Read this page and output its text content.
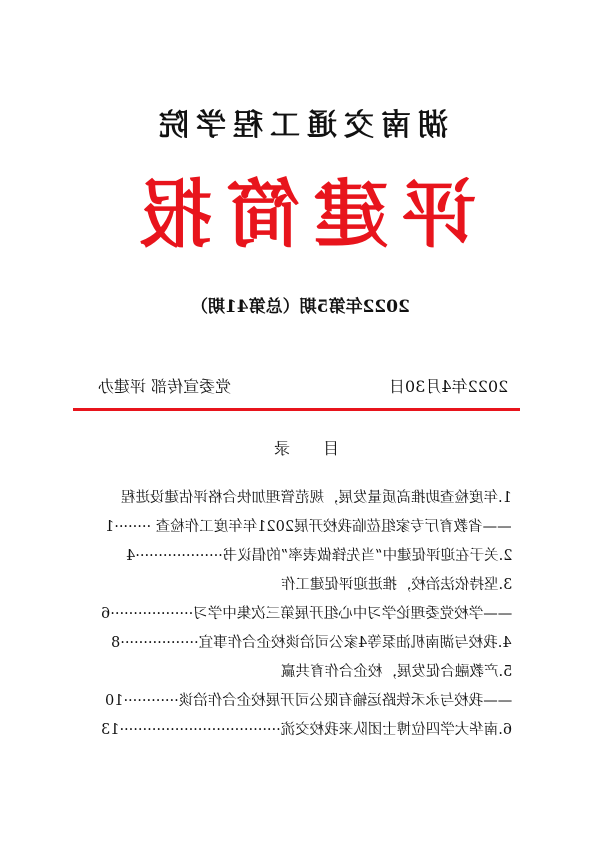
湖南交通工程学院
评建简报
2022年第5期（总第41期）
2022年4月30日
党委宣传部 评建办
目 录
1.年度检查助推高质量发展，规范管理加快合格评估建设进程
——省教育厅专家组莅临我校开展2021年年度工作检查 ········1
2.关于在迎评促建中“当先锋做表率”的倡议书···················4
3.坚持依法治校，推进迎评促建工作
——学校党委理论学习中心组开展第三次集中学习··················6
4.我校与湖南机油泵等4家公司洽谈校企合作事宜·················8
5.产教融合促发展，校企合作育共赢
——我校与永禾铁路运输有限公司开展校企合作洽谈············10
6.南华大学四位博士团队来我校交流···································13
